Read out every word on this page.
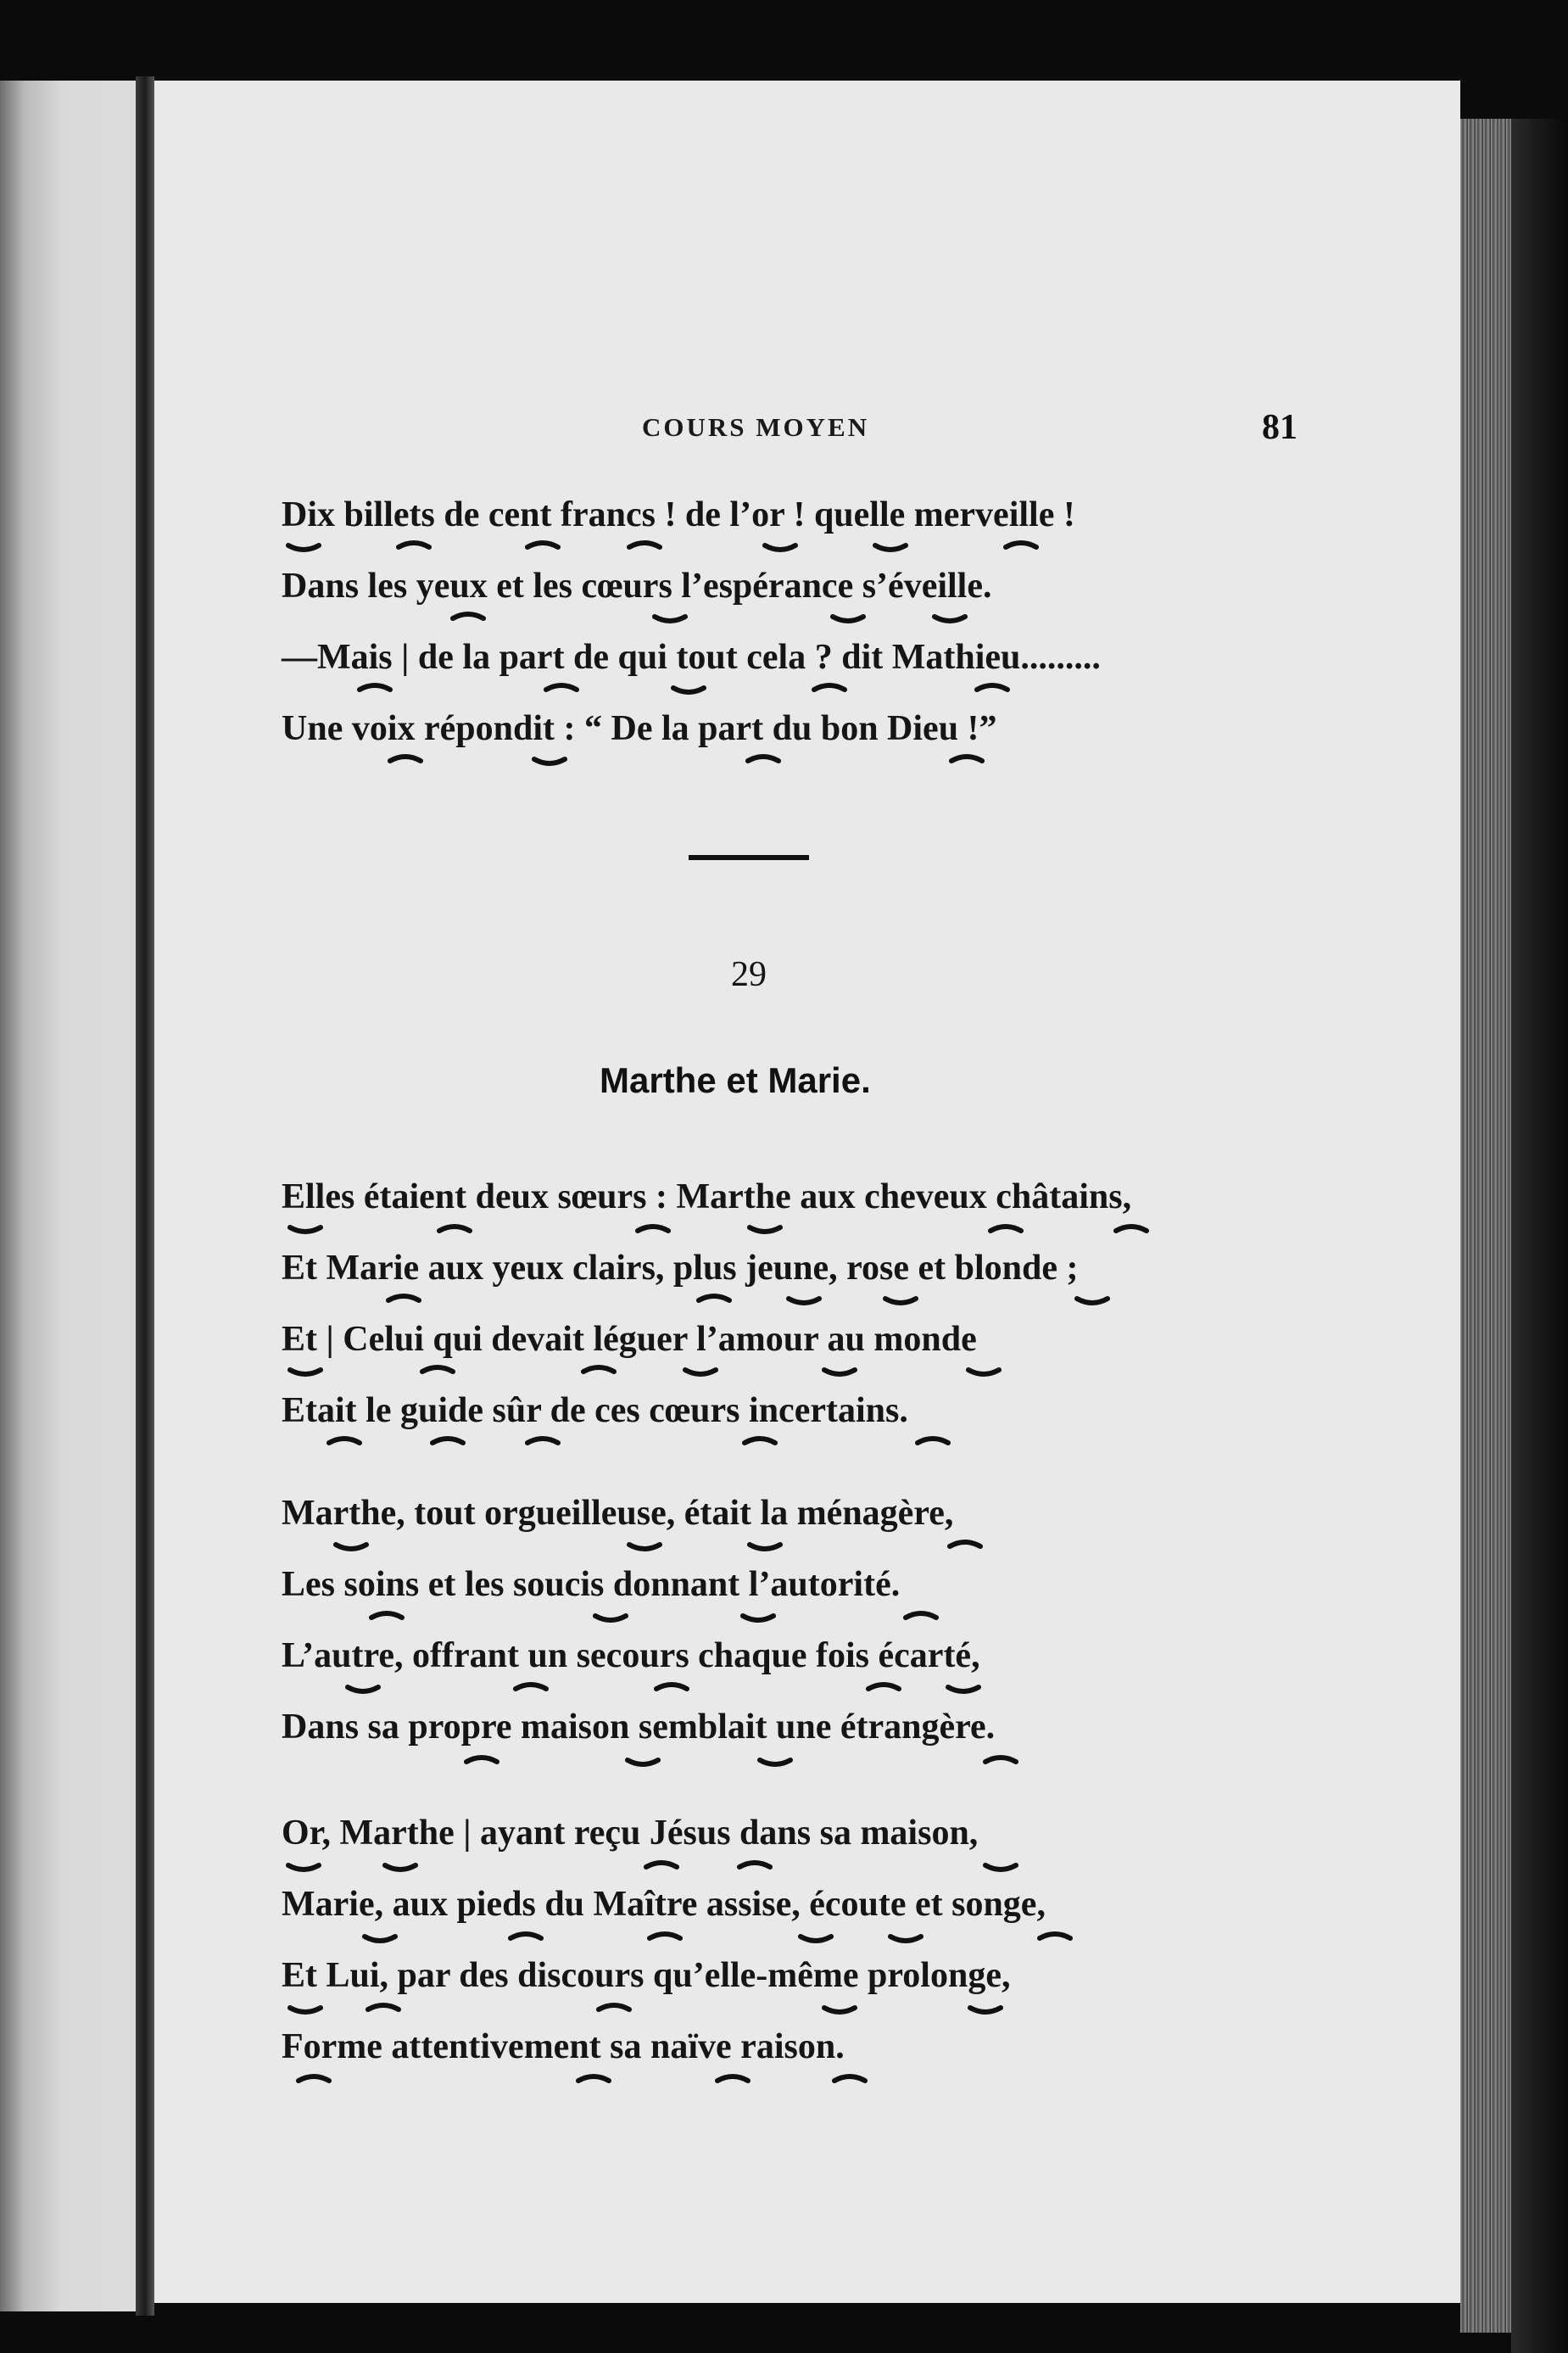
COURS MOYEN	81
Dix billets de cent francs ! de l’or ! quelle merveille !
Dans les yeux et les cœurs l’espérance s’éveille.
—Mais | de la part de qui tout cela ? dit Mathieu.........
Une voix répondit : “ De la part du bon Dieu !”
29
Marthe et Marie.
Elles étaient deux sœurs : Marthe aux cheveux châtains,
Et Marie aux yeux clairs, plus jeune, rose et blonde ;
Et | Celui qui devait léguer l’amour au monde
Etait le guide sûr de ces cœurs incertains.
Marthe, tout orgueilleuse, était la ménagère,
Les soins et les soucis donnant l’autorité.
L’autre, offrant un secours chaque fois écarté,
Dans sa propre maison semblait une étrangère.
Or, Marthe | ayant reçu Jésus dans sa maison,
Marie, aux pieds du Maître assise, écoute et songe,
Et Lui, par des discours qu’elle-même prolonge,
Forme attentivement sa naïve raison.
